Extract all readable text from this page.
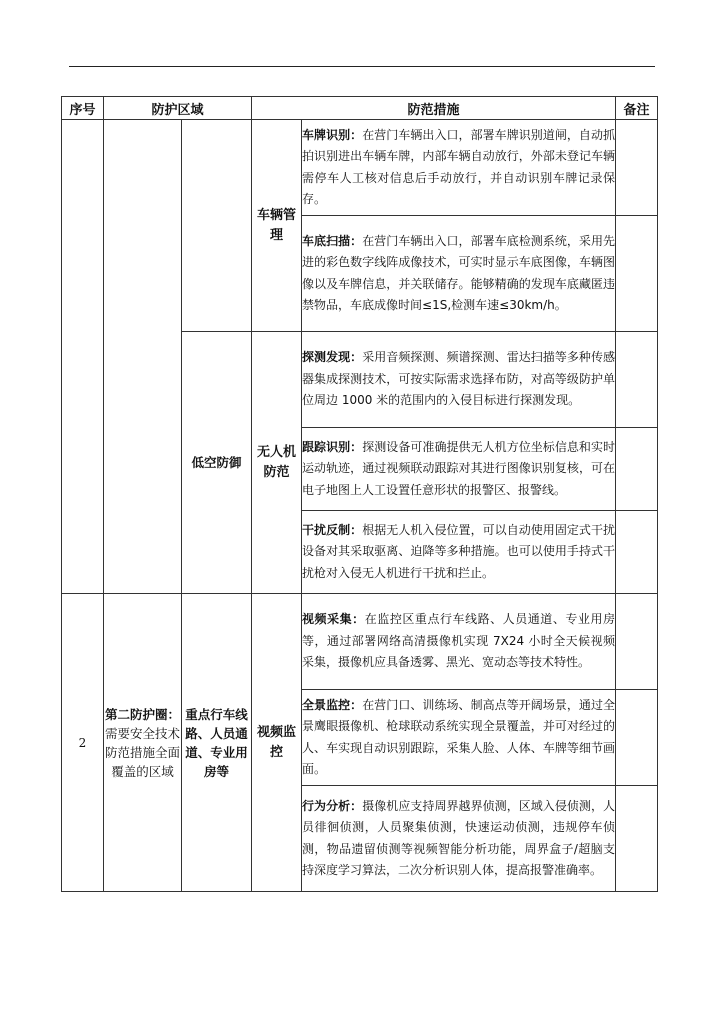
序号	防护区域		防范措施		备注
			车辆管理	车牌识别：在营门车辆出入口，部署车牌识别道闸，自动抓拍识别进出车辆车牌，内部车辆自动放行，外部未登记车辆需停车人工核对信息后手动放行，并自动识别车牌记录保存。	
				车底扫描：在营门车辆出入口，部署车底检测系统，采用先进的彩色数字线阵成像技术，可实时显示车底图像，车辆图像以及车牌信息，并关联储存。能够精确的发现车底藏匿违禁物品，车底成像时间≤1S,检测车速≤30km/h。	
		低空防御	无人机防范	探测发现：采用音频探测、频谱探测、雷达扫描等多种传感器集成探测技术，可按实际需求选择布防，对高等级防护单位周边 1000 米的范围内的入侵目标进行探测发现。	
				跟踪识别：探测设备可准确提供无人机方位坐标信息和实时运动轨迹，通过视频联动跟踪对其进行图像识别复核，可在电子地图上人工设置任意形状的报警区、报警线。	
				干扰反制：根据无人机入侵位置，可以自动使用固定式干扰设备对其采取驱离、迫降等多种措施。也可以使用手持式干扰枪对入侵无人机进行干扰和拦止。	
2	第二防护圈：需要安全技术防范措施全面覆盖的区域	重点行车线路、人员通道、专业用房等	视频监控	视频采集：在监控区重点行车线路、人员通道、专业用房等，通过部署网络高清摄像机实现 7X24 小时全天候视频采集，摄像机应具备透雾、黑光、宽动态等技术特性。	
				全景监控：在营门口、训练场、制高点等开阔场景，通过全景鹰眼摄像机、枪球联动系统实现全景覆盖，并可对经过的人、车实现自动识别跟踪，采集人脸、人体、车牌等细节画面。	
				行为分析：摄像机应支持周界越界侦测，区域入侵侦测，人员徘徊侦测，人员聚集侦测，快速运动侦测，违规停车侦测，物品遗留侦测等视频智能分析功能，周界盒子/超脑支持深度学习算法，二次分析识别人体，提高报警准确率。	
